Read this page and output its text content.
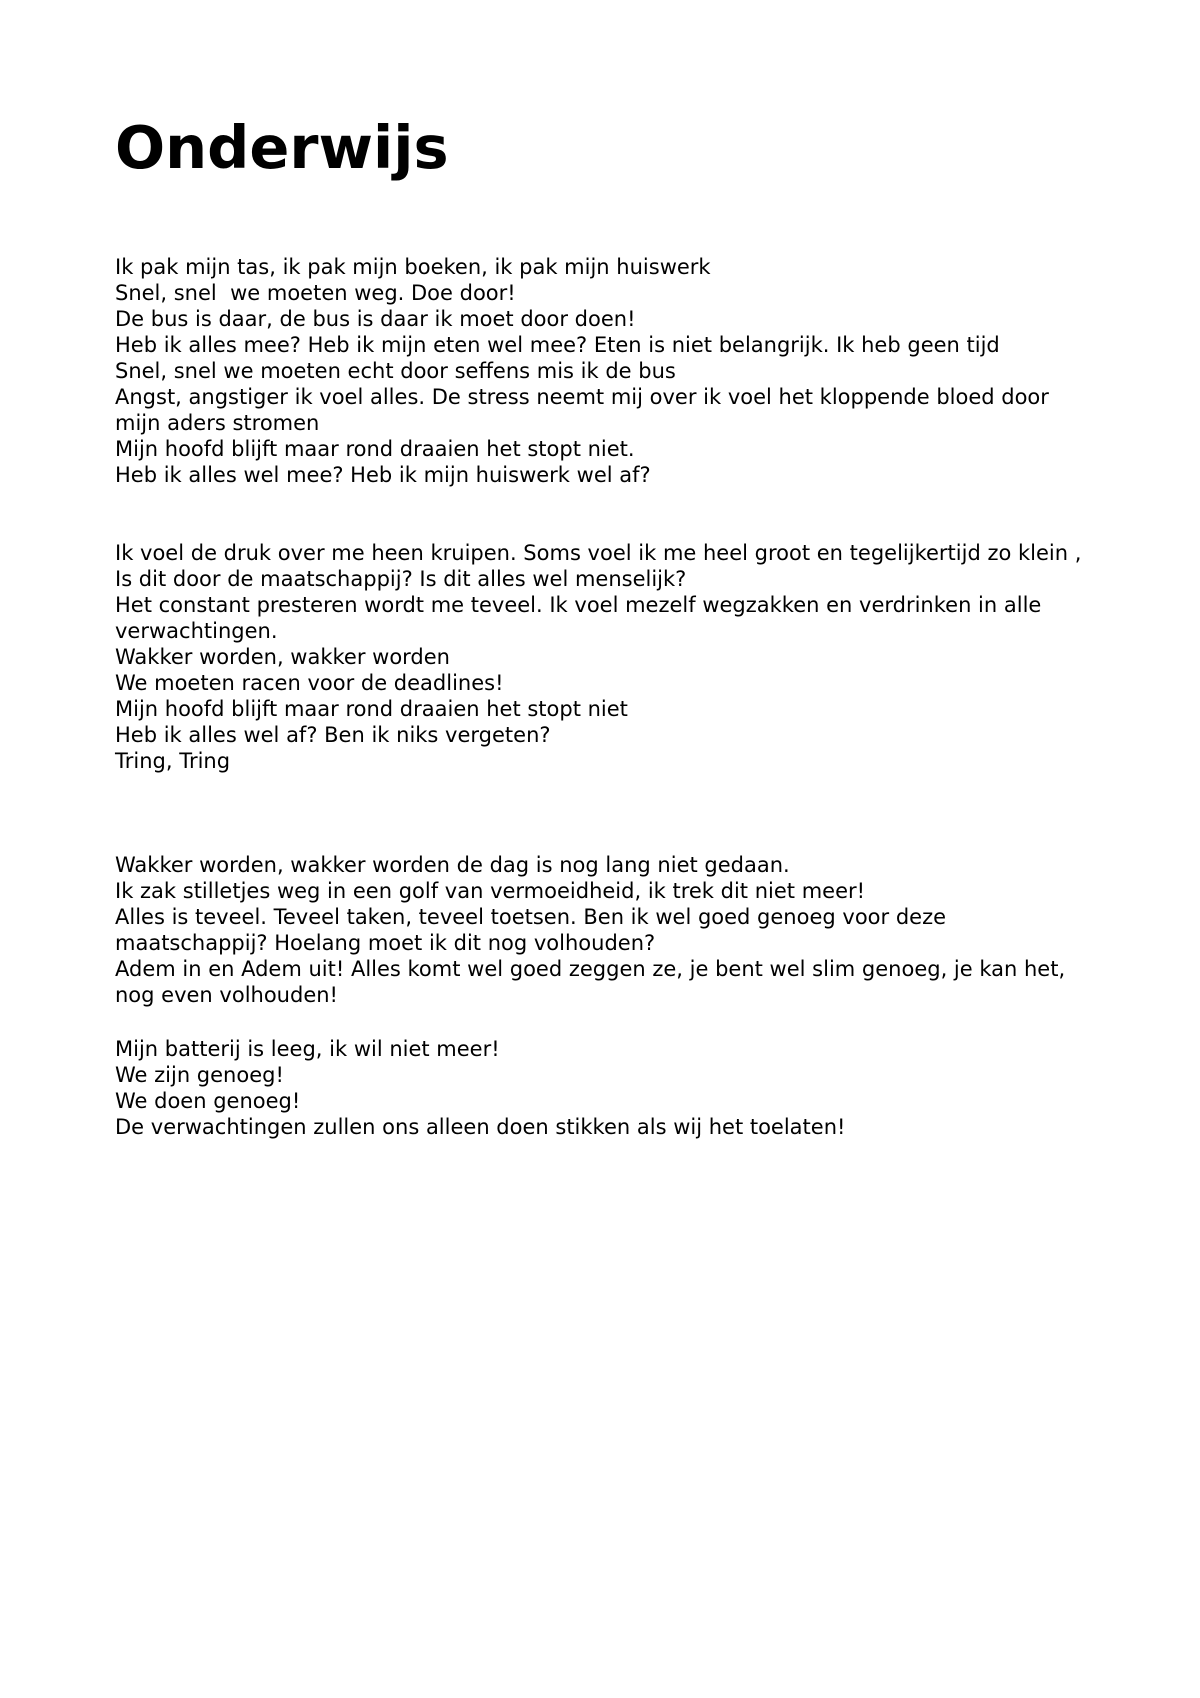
Onderwijs
Ik pak mijn tas, ik pak mijn boeken, ik pak mijn huiswerk
Snel, snel  we moeten weg. Doe door!
De bus is daar, de bus is daar ik moet door doen!
Heb ik alles mee? Heb ik mijn eten wel mee? Eten is niet belangrijk. Ik heb geen tijd
Snel, snel we moeten echt door seffens mis ik de bus
Angst, angstiger ik voel alles. De stress neemt mij over ik voel het kloppende bloed door mijn aders stromen
Mijn hoofd blijft maar rond draaien het stopt niet.
Heb ik alles wel mee? Heb ik mijn huiswerk wel af?
Ik voel de druk over me heen kruipen. Soms voel ik me heel groot en tegelijkertijd zo klein ,
Is dit door de maatschappij? Is dit alles wel menselijk?
Het constant presteren wordt me teveel. Ik voel mezelf wegzakken en verdrinken in alle verwachtingen.
Wakker worden, wakker worden
We moeten racen voor de deadlines!
Mijn hoofd blijft maar rond draaien het stopt niet
Heb ik alles wel af? Ben ik niks vergeten?
Tring, Tring
Wakker worden, wakker worden de dag is nog lang niet gedaan.
Ik zak stilletjes weg in een golf van vermoeidheid, ik trek dit niet meer!
Alles is teveel. Teveel taken, teveel toetsen. Ben ik wel goed genoeg voor deze maatschappij? Hoelang moet ik dit nog volhouden?
Adem in en Adem uit! Alles komt wel goed zeggen ze, je bent wel slim genoeg, je kan het, nog even volhouden!
Mijn batterij is leeg, ik wil niet meer!
We zijn genoeg!
We doen genoeg!
De verwachtingen zullen ons alleen doen stikken als wij het toelaten!
